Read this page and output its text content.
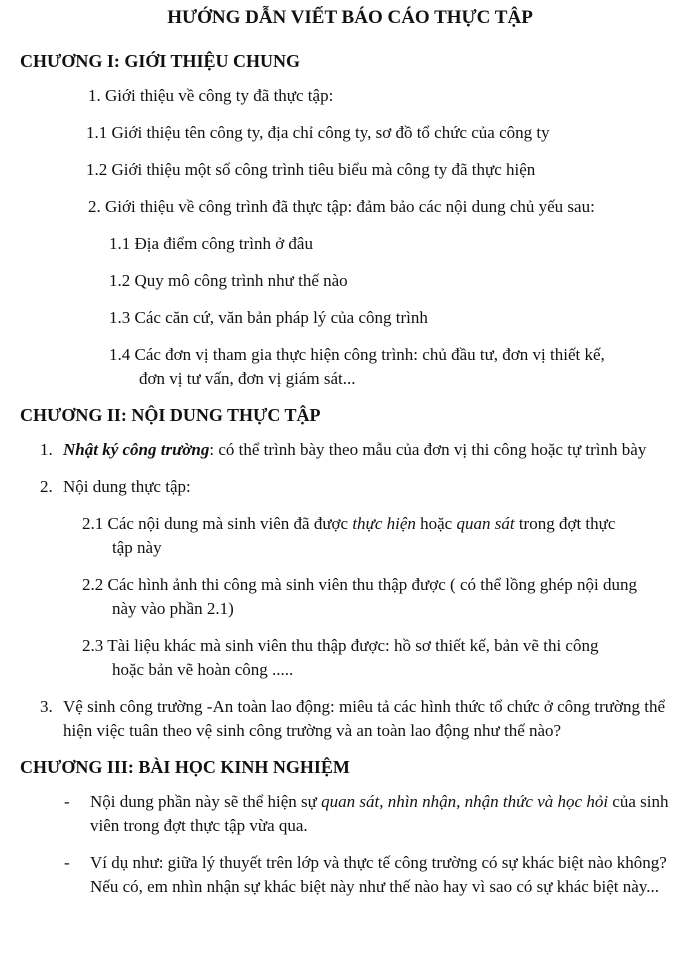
HƯỚNG DẪN VIẾT BÁO CÁO THỰC TẬP
CHƯƠNG I: GIỚI THIỆU CHUNG
1. Giới thiệu về công ty đã thực tập:
1.1 Giới thiệu tên công ty, địa chỉ công ty, sơ đồ tổ chức của công ty
1.2 Giới thiệu một số công trình tiêu biểu mà công ty đã thực hiện
2. Giới thiệu về công trình đã thực tập: đảm bảo các nội dung chủ yếu sau:
1.1 Địa điểm công trình ở đâu
1.2 Quy mô công trình như thế nào
1.3 Các căn cứ, văn bản pháp lý của công trình
1.4 Các đơn vị tham gia thực hiện công trình: chủ đầu tư, đơn vị thiết kế,
đơn vị tư vấn, đơn vị giám sát...
CHƯƠNG II: NỘI DUNG THỰC TẬP
1. Nhật ký công trường: có thể trình bày theo mẫu của đơn vị thi công hoặc tự trình bày
2. Nội dung thực tập:
2.1 Các nội dung mà sinh viên đã được thực hiện hoặc quan sát trong đợt thực
tập này
2.2 Các hình ảnh thi công mà sinh viên thu thập được ( có thể lồng ghép nội dung
này vào phần 2.1)
2.3 Tài liệu khác mà sinh viên thu thập được: hồ sơ thiết kế, bản vẽ thi công
hoặc bản vẽ hoàn công .....
3. Vệ sinh công trường -An toàn lao động: miêu tả các hình thức tổ chức ở công trường thể hiện việc tuân theo vệ sinh công trường và an toàn lao động như thế nào?
CHƯƠNG III: BÀI HỌC KINH NGHIỆM
- Nội dung phần này sẽ thể hiện sự quan sát, nhìn nhận, nhận thức và học hỏi của sinh viên trong đợt thực tập vừa qua.
- Ví dụ như: giữa lý thuyết trên lớp và thực tế công trường có sự khác biệt nào không? Nếu có, em nhìn nhận sự khác biệt này như thế nào hay vì sao có sự khác biệt này...
